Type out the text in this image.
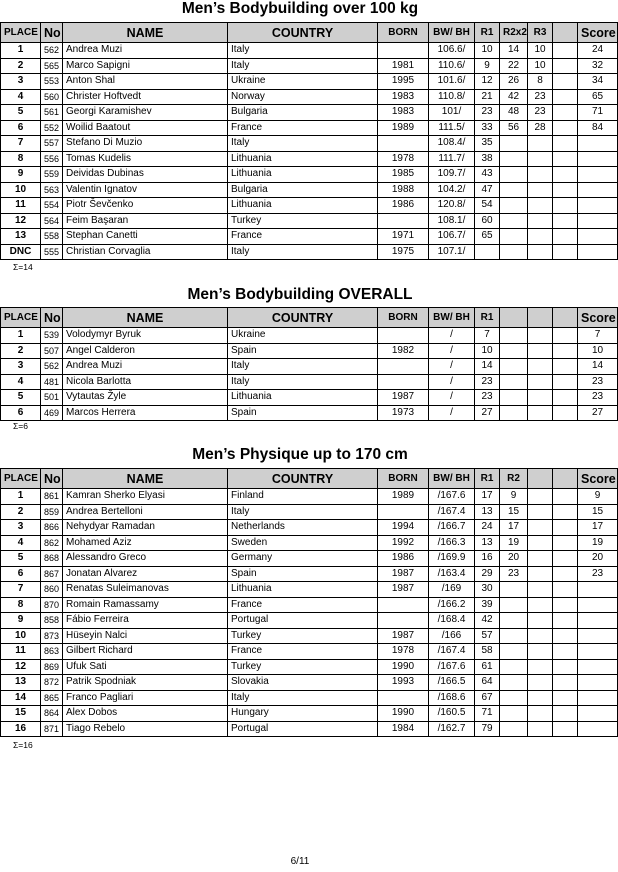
Men’s Bodybuilding over 100 kg
PLACE	No	NAME	COUNTRY	BORN	BW/ BH	R1	R2x2	R3		Score
1	562	Andrea Muzi	Italy		106.6/	10	14	10		24
2	565	Marco Sapigni	Italy	1981	110.6/	9	22	10		32
3	553	Anton Shal	Ukraine	1995	101.6/	12	26	8		34
4	560	Christer Hoftvedt	Norway	1983	110.8/	21	42	23		65
5	561	Georgi Karamishev	Bulgaria	1983	101/	23	48	23		71
6	552	Woilid Baatout	France	1989	111.5/	33	56	28		84
7	557	Stefano Di Muzio	Italy		108.4/	35				
8	556	Tomas Kudelis	Lithuania	1978	111.7/	38				
9	559	Deividas Dubinas	Lithuania	1985	109.7/	43				
10	563	Valentin Ignatov	Bulgaria	1988	104.2/	47				
11	554	Piotr Ševčenko	Lithuania	1986	120.8/	54				
12	564	Feim Başaran	Turkey		108.1/	60				
13	558	Stephan Canetti	France	1971	106.7/	65				
DNC	555	Christian Corvaglia	Italy	1975	107.1/					
Σ=14
Men’s Bodybuilding OVERALL
PLACE	No	NAME	COUNTRY	BORN	BW/ BH	R1				Score
1	539	Volodymyr Byruk	Ukraine		/	7				7
2	507	Angel Calderon	Spain	1982	/	10				10
3	562	Andrea Muzi	Italy		/	14				14
4	481	Nicola Barlotta	Italy		/	23				23
5	501	Vytautas Žyle	Lithuania	1987	/	23				23
6	469	Marcos Herrera	Spain	1973	/	27				27
Σ=6
Men’s Physique up to 170 cm
PLACE	No	NAME	COUNTRY	BORN	BW/ BH	R1	R2			Score
1	861	Kamran Sherko Elyasi	Finland	1989	/167.6	17	9			9
2	859	Andrea Bertelloni	Italy		/167.4	13	15			15
3	866	Nehydyar Ramadan	Netherlands	1994	/166.7	24	17			17
4	862	Mohamed Aziz	Sweden	1992	/166.3	13	19			19
5	868	Alessandro Greco	Germany	1986	/169.9	16	20			20
6	867	Jonatan Alvarez	Spain	1987	/163.4	29	23			23
7	860	Renatas Suleimanovas	Lithuania	1987	/169	30				
8	870	Romain Ramassamy	France		/166.2	39				
9	858	Fábio Ferreira	Portugal		/168.4	42				
10	873	Hüseyin Nalci	Turkey	1987	/166	57				
11	863	Gilbert Richard	France	1978	/167.4	58				
12	869	Ufuk Sati	Turkey	1990	/167.6	61				
13	872	Patrik Spodniak	Slovakia	1993	/166.5	64				
14	865	Franco Pagliari	Italy		/168.6	67				
15	864	Alex Dobos	Hungary	1990	/160.5	71				
16	871	Tiago Rebelo	Portugal	1984	/162.7	79				
Σ=16
6/11
